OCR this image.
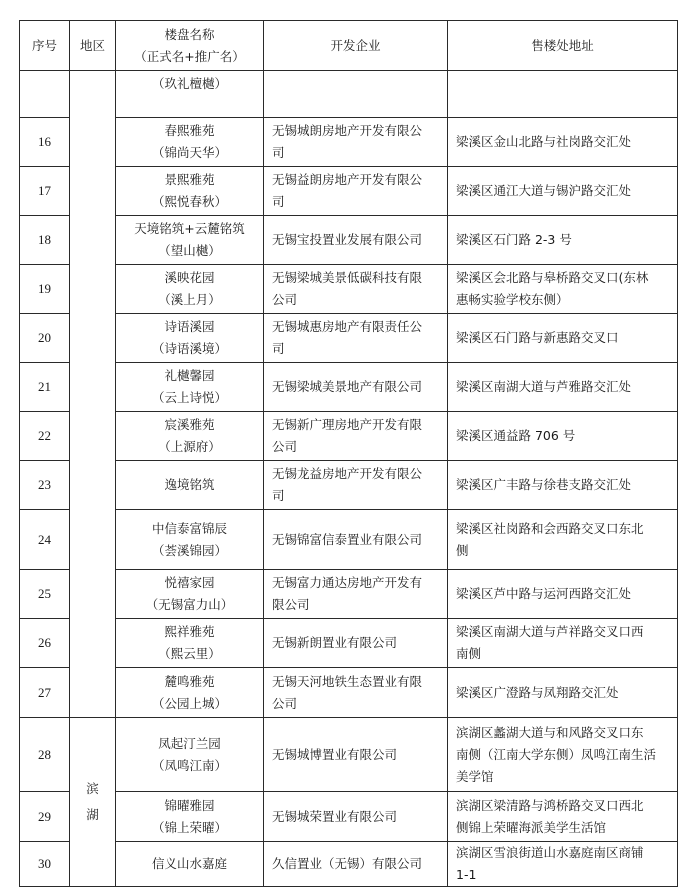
序号	地区	楼盘名称
（正式名+推广名）	开发企业	售楼处地址
		（玖礼檀樾）		
16		春熙雅苑
（锦尚天华）	无锡城朗房地产开发有限公
司	梁溪区金山北路与社岗路交汇处

17		景熙雅苑
（熙悦春秋）	无锡益朗房地产开发有限公
司	梁溪区通江大道与锡沪路交汇处

18		天境铭筑+云麓铭筑
（望山樾）	无锡宝投置业发展有限公司	梁溪区石门路 2-3 号

19		溪映花园
（溪上月）	无锡梁城美景低碳科技有限
公司	梁溪区会北路与皋桥路交叉口(东林
惠畅实验学校东侧）

20		诗语溪园
（诗语溪境）	无锡城惠房地产有限责任公
司	梁溪区石门路与新惠路交叉口

21		礼樾馨园
（云上诗悦）	无锡梁城美景地产有限公司	梁溪区南湖大道与芦雅路交汇处

22		宸溪雅苑
（上源府）	无锡新广理房地产开发有限
公司	梁溪区通益路 706 号

23		逸境铭筑	无锡龙益房地产开发有限公
司	梁溪区广丰路与徐巷支路交汇处

24		中信泰富锦辰
（荟溪锦园）	无锡锦富信泰置业有限公司	梁溪区社岗路和会西路交叉口东北
侧

25		悦禧家园
（无锡富力山）	无锡富力通达房地产开发有
限公司	梁溪区芦中路与运河西路交汇处

26		熙祥雅苑
（熙云里）	无锡新朗置业有限公司	梁溪区南湖大道与芦祥路交叉口西
南侧

27		麓鸣雅苑
（公园上城）	无锡天河地铁生态置业有限
公司	梁溪区广澄路与凤翔路交汇处

28	滨湖	凤起汀兰园
（凤鸣江南）	无锡城博置业有限公司	滨湖区蠡湖大道与和风路交叉口东
南侧（江南大学东侧）凤鸣江南生活
美学馆

29		锦曜雅园
（锦上荣曜）	无锡城荣置业有限公司	滨湖区梁清路与鸿桥路交叉口西北
侧锦上荣曜海派美学生活馆

30		信义山水嘉庭	久信置业（无锡）有限公司	滨湖区雪浪街道山水嘉庭南区商铺
1-1
